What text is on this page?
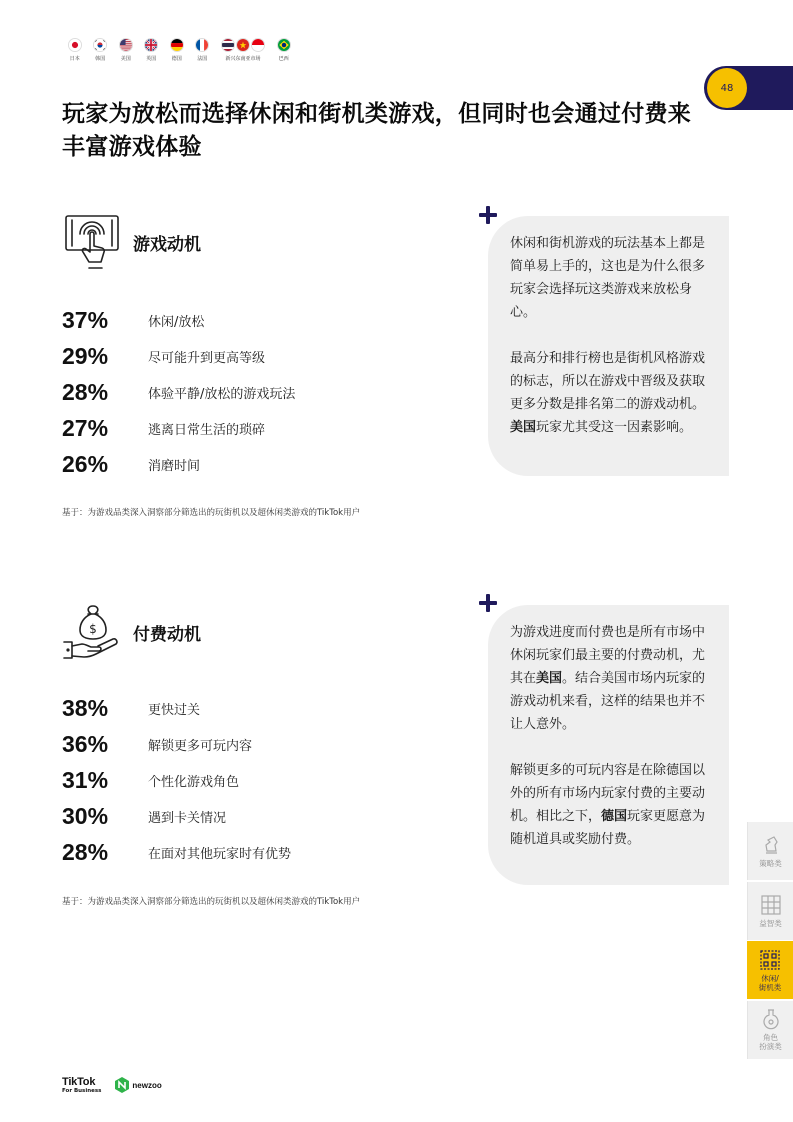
日本	韩国	美国	英国	德国	法国	新兴东南亚市场	巴西
48
玩家为放松而选择休闲和街机类游戏，但同时也会通过付费来丰富游戏体验
游戏动机
37%	休闲/放松
29%	尽可能升到更高等级
28%	体验平静/放松的游戏玩法
27%	逃离日常生活的琐碎
26%	消磨时间

基于：为游戏品类深入洞察部分筛选出的玩街机以及超休闲类游戏的TikTok用户

休闲和街机游戏的玩法基本上都是简单易上手的，这也是为什么很多玩家会选择玩这类游戏来放松身心。

最高分和排行榜也是街机风格游戏的标志，所以在游戏中晋级及获取更多分数是排名第二的游戏动机。美国玩家尤其受这一因素影响。

$ 付费动机
38%	更快过关
36%	解锁更多可玩内容
31%	个性化游戏角色
30%	遇到卡关情况
28%	在面对其他玩家时有优势

基于：为游戏品类深入洞察部分筛选出的玩街机以及超休闲类游戏的TikTok用户

为游戏进度而付费也是所有市场中休闲玩家们最主要的付费动机，尤其在美国。结合美国市场内玩家的游戏动机来看，这样的结果也并不让人意外。

解锁更多的可玩内容是在除德国以外的所有市场内玩家付费的主要动机。相比之下，德国玩家更愿意为随机道具或奖励付费。

策略类
益智类
休闲/
街机类
角色
扮演类
TikTok
For Business
newzoo
